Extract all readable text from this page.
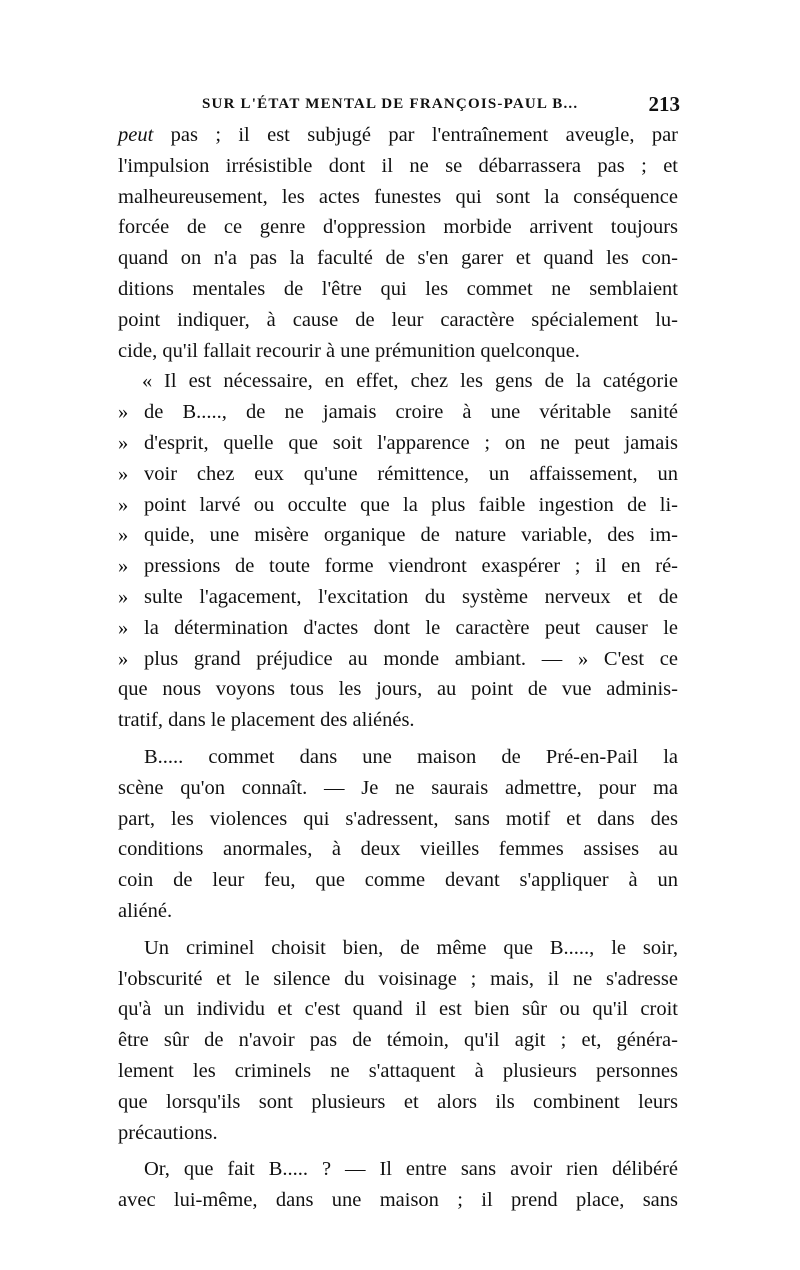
SUR L'ÉTAT MENTAL DE FRANÇOIS-PAUL B...	213

peut pas ; il est subjugé par l'entraînement aveugle, par
l'impulsion irrésistible dont il ne se débarrassera pas ; et
malheureusement, les actes funestes qui sont la conséquence
forcée de ce genre d'oppression morbide arrivent toujours
quand on n'a pas la faculté de s'en garer et quand les con-
ditions mentales de l'être qui les commet ne semblaient
point indiquer, à cause de leur caractère spécialement lu-
cide, qu'il fallait recourir à une prémunition quelconque.

« Il est nécessaire, en effet, chez les gens de la catégorie
» de B....., de ne jamais croire à une véritable sanité
» d'esprit, quelle que soit l'apparence ; on ne peut jamais
» voir chez eux qu'une rémittence, un affaissement, un
» point larvé ou occulte que la plus faible ingestion de li-
» quide, une misère organique de nature variable, des im-
» pressions de toute forme viendront exaspérer ; il en ré-
» sulte l'agacement, l'excitation du système nerveux et de
» la détermination d'actes dont le caractère peut causer le
» plus grand préjudice au monde ambiant. — » C'est ce

que nous voyons tous les jours, au point de vue adminis-
tratif, dans le placement des aliénés.

B..... commet dans une maison de Pré-en-Pail la
scène qu'on connaît. — Je ne saurais admettre, pour ma
part, les violences qui s'adressent, sans motif et dans des
conditions anormales, à deux vieilles femmes assises au
coin de leur feu, que comme devant s'appliquer à un
aliéné.

Un criminel choisit bien, de même que B....., le soir,
l'obscurité et le silence du voisinage ; mais, il ne s'adresse
qu'à un individu et c'est quand il est bien sûr ou qu'il croit
être sûr de n'avoir pas de témoin, qu'il agit ; et, généra-
lement les criminels ne s'attaquent à plusieurs personnes
que lorsqu'ils sont plusieurs et alors ils combinent leurs
précautions.

Or, que fait B..... ? — Il entre sans avoir rien délibéré
avec lui-même, dans une maison ; il prend place, sans
